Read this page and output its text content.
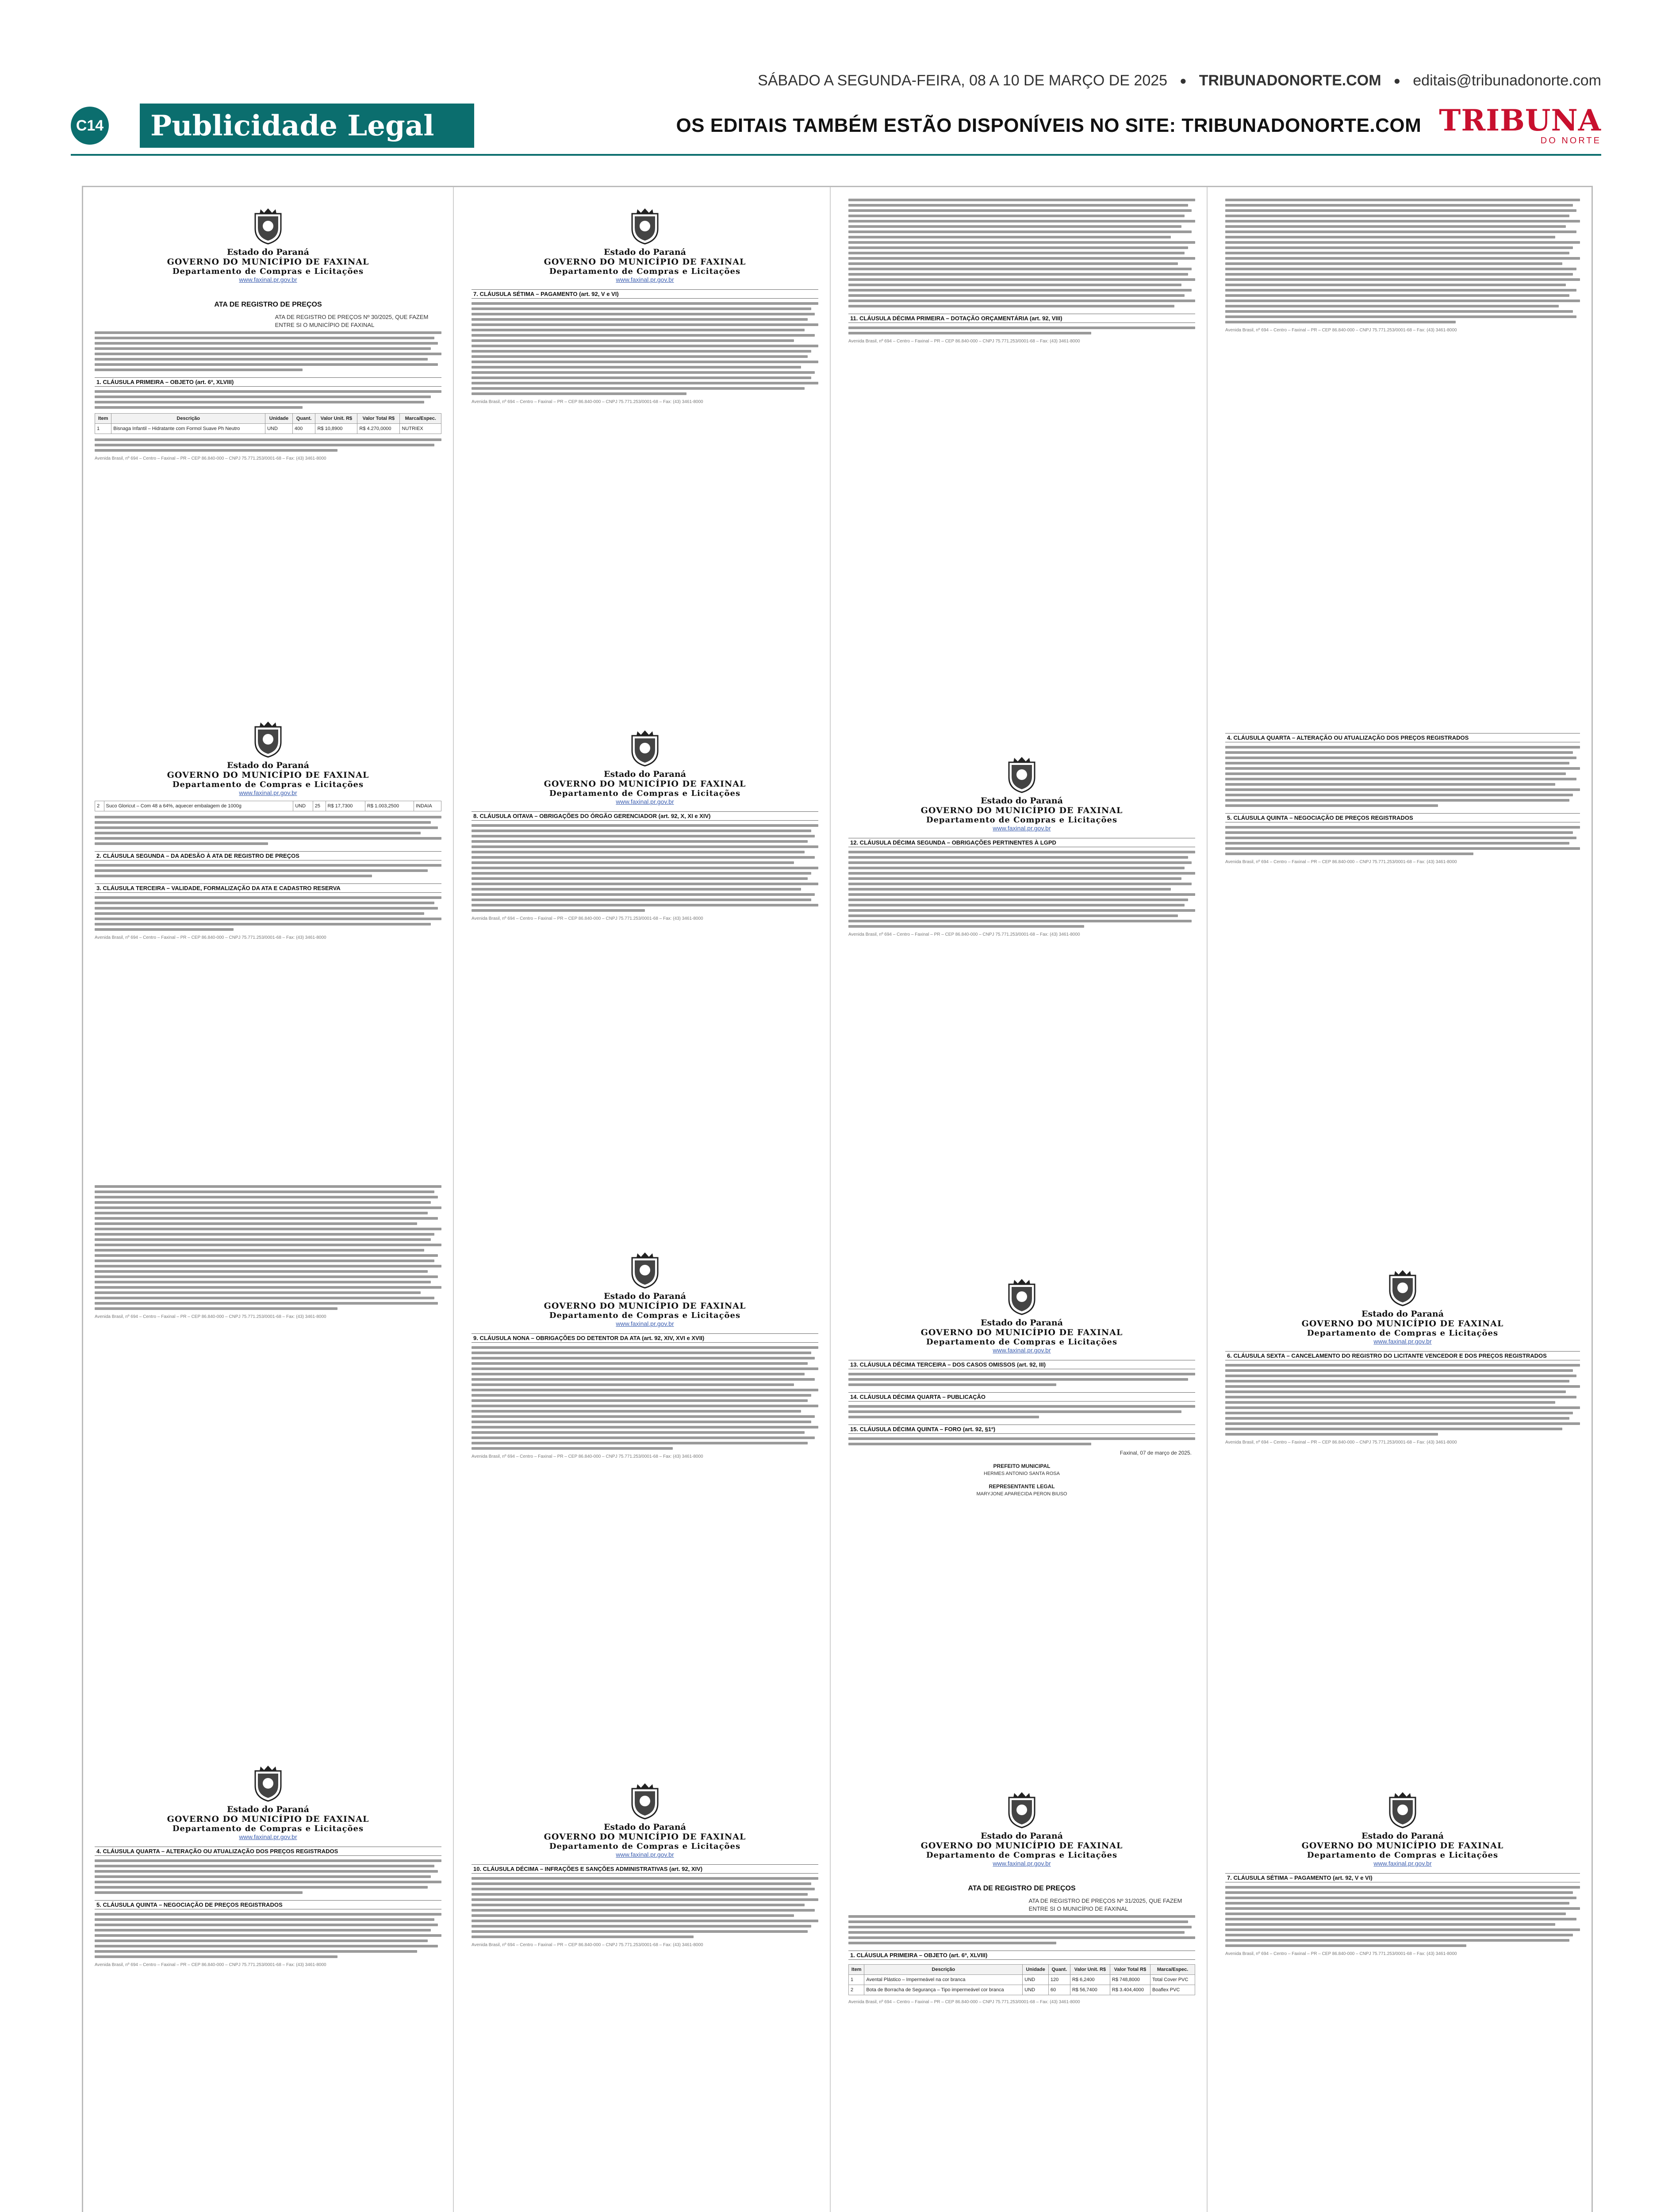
SÁBADO A SEGUNDA-FEIRA, 08 A 10 DE MARÇO DE 2025 ● TRIBUNADONORTE.COM ● editais@tribunadonorte.com
C14	Publicidade Legal	OS EDITAIS TAMBÉM ESTÃO DISPONÍVEIS NO SITE: TRIBUNADONORTE.COM TRIBUNA
DO NORTE
Estado do Paraná
GOVERNO DO MUNICÍPIO DE FAXINAL
Departamento de Compras e Licitações
www.faxinal.pr.gov.br
ATA DE REGISTRO DE PREÇOS
ATA DE REGISTRO DE PREÇOS Nº 30/2025, QUE FAZEM ENTRE SI O MUNICÍPIO DE FAXINAL
1. CLÁUSULA PRIMEIRA – OBJETO (art. 6º, XLVIII)
Item	Descrição	Unidade	Quant.	Valor Unit. R$	Valor Total R$	Marca/Espec.
1	Bisnaga Infantil – Hidratante com Formol Suave Ph Neutro	UND	400	R$ 10,8900	R$ 4.270,0000	NUTRIEX
Avenida Brasil, nº 694 – Centro – Faxinal – PR – CEP 86.840-000 – CNPJ 75.771.253/0001-68 – Fax: (43) 3461-8000
Estado do Paraná
GOVERNO DO MUNICÍPIO DE FAXINAL
Departamento de Compras e Licitações
www.faxinal.pr.gov.br
2	Suco Gloricut – Com 48 a 64%, aquecer embalagem de 1000g	UND	25	R$ 17,7300	R$ 1.003,2500	INDAIA
2. CLÁUSULA SEGUNDA – DA ADESÃO À ATA DE REGISTRO DE PREÇOS
3. CLÁUSULA TERCEIRA – VALIDADE, FORMALIZAÇÃO DA ATA E CADASTRO RESERVA
Avenida Brasil, nº 694 – Centro – Faxinal – PR – CEP 86.840-000 – CNPJ 75.771.253/0001-68 – Fax: (43) 3461-8000
Avenida Brasil, nº 694 – Centro – Faxinal – PR – CEP 86.840-000 – CNPJ 75.771.253/0001-68 – Fax: (43) 3461-8000
Estado do Paraná
GOVERNO DO MUNICÍPIO DE FAXINAL
Departamento de Compras e Licitações
www.faxinal.pr.gov.br
4. CLÁUSULA QUARTA – ALTERAÇÃO OU ATUALIZAÇÃO DOS PREÇOS REGISTRADOS
5. CLÁUSULA QUINTA – NEGOCIAÇÃO DE PREÇOS REGISTRADOS
Avenida Brasil, nº 694 – Centro – Faxinal – PR – CEP 86.840-000 – CNPJ 75.771.253/0001-68 – Fax: (43) 3461-8000
Estado do Paraná
GOVERNO DO MUNICÍPIO DE FAXINAL
Departamento de Compras e Licitações
www.faxinal.pr.gov.br
7. CLÁUSULA SÉTIMA – PAGAMENTO (art. 92, V e VI)
Avenida Brasil, nº 694 – Centro – Faxinal – PR – CEP 86.840-000 – CNPJ 75.771.253/0001-68 – Fax: (43) 3461-8000
Estado do Paraná
GOVERNO DO MUNICÍPIO DE FAXINAL
Departamento de Compras e Licitações
www.faxinal.pr.gov.br
8. CLÁUSULA OITAVA – OBRIGAÇÕES DO ÓRGÃO GERENCIADOR (art. 92, X, XI e XIV)
Avenida Brasil, nº 694 – Centro – Faxinal – PR – CEP 86.840-000 – CNPJ 75.771.253/0001-68 – Fax: (43) 3461-8000
Estado do Paraná
GOVERNO DO MUNICÍPIO DE FAXINAL
Departamento de Compras e Licitações
www.faxinal.pr.gov.br
9. CLÁUSULA NONA – OBRIGAÇÕES DO DETENTOR DA ATA (art. 92, XIV, XVI e XVII)
Avenida Brasil, nº 694 – Centro – Faxinal – PR – CEP 86.840-000 – CNPJ 75.771.253/0001-68 – Fax: (43) 3461-8000
Estado do Paraná
GOVERNO DO MUNICÍPIO DE FAXINAL
Departamento de Compras e Licitações
www.faxinal.pr.gov.br
10. CLÁUSULA DÉCIMA – INFRAÇÕES E SANÇÕES ADMINISTRATIVAS (art. 92, XIV)
Avenida Brasil, nº 694 – Centro – Faxinal – PR – CEP 86.840-000 – CNPJ 75.771.253/0001-68 – Fax: (43) 3461-8000
11. CLÁUSULA DÉCIMA PRIMEIRA – DOTAÇÃO ORÇAMENTÁRIA (art. 92, VIII)
Avenida Brasil, nº 694 – Centro – Faxinal – PR – CEP 86.840-000 – CNPJ 75.771.253/0001-68 – Fax: (43) 3461-8000
Estado do Paraná
GOVERNO DO MUNICÍPIO DE FAXINAL
Departamento de Compras e Licitações
www.faxinal.pr.gov.br
12. CLÁUSULA DÉCIMA SEGUNDA – OBRIGAÇÕES PERTINENTES À LGPD
Avenida Brasil, nº 694 – Centro – Faxinal – PR – CEP 86.840-000 – CNPJ 75.771.253/0001-68 – Fax: (43) 3461-8000
Estado do Paraná
GOVERNO DO MUNICÍPIO DE FAXINAL
Departamento de Compras e Licitações
www.faxinal.pr.gov.br
13. CLÁUSULA DÉCIMA TERCEIRA – DOS CASOS OMISSOS (art. 92, III)
14. CLÁUSULA DÉCIMA QUARTA – PUBLICAÇÃO
15. CLÁUSULA DÉCIMA QUINTA – FORO (art. 92, §1º)
Faxinal, 07 de março de 2025.
PREFEITO MUNICIPAL
HERMES ANTONIO SANTA ROSA
REPRESENTANTE LEGAL
MARYJONE APARECIDA PERON BIUSO
Estado do Paraná
GOVERNO DO MUNICÍPIO DE FAXINAL
Departamento de Compras e Licitações
www.faxinal.pr.gov.br
ATA DE REGISTRO DE PREÇOS
ATA DE REGISTRO DE PREÇOS Nº 31/2025, QUE FAZEM ENTRE SI O MUNICÍPIO DE FAXINAL
1. CLÁUSULA PRIMEIRA – OBJETO (art. 6º, XLVIII)
Item	Descrição	Unidade	Quant.	Valor Unit. R$	Valor Total R$	Marca/Espec.
1	Avental Plástico – Impermeável na cor branca	UND	120	R$ 6,2400	R$ 748,8000	Total Cover PVC
2	Bota de Borracha de Segurança – Tipo impermeável cor branca	UND	60	R$ 56,7400	R$ 3.404,4000	Boaflex PVC
Avenida Brasil, nº 694 – Centro – Faxinal – PR – CEP 86.840-000 – CNPJ 75.771.253/0001-68 – Fax: (43) 3461-8000
Avenida Brasil, nº 694 – Centro – Faxinal – PR – CEP 86.840-000 – CNPJ 75.771.253/0001-68 – Fax: (43) 3461-8000
4. CLÁUSULA QUARTA – ALTERAÇÃO OU ATUALIZAÇÃO DOS PREÇOS REGISTRADOS
5. CLÁUSULA QUINTA – NEGOCIAÇÃO DE PREÇOS REGISTRADOS
Avenida Brasil, nº 694 – Centro – Faxinal – PR – CEP 86.840-000 – CNPJ 75.771.253/0001-68 – Fax: (43) 3461-8000
Estado do Paraná
GOVERNO DO MUNICÍPIO DE FAXINAL
Departamento de Compras e Licitações
www.faxinal.pr.gov.br
6. CLÁUSULA SEXTA – CANCELAMENTO DO REGISTRO DO LICITANTE VENCEDOR E DOS PREÇOS REGISTRADOS
Avenida Brasil, nº 694 – Centro – Faxinal – PR – CEP 86.840-000 – CNPJ 75.771.253/0001-68 – Fax: (43) 3461-8000
Estado do Paraná
GOVERNO DO MUNICÍPIO DE FAXINAL
Departamento de Compras e Licitações
www.faxinal.pr.gov.br
7. CLÁUSULA SÉTIMA – PAGAMENTO (art. 92, V e VI)
Avenida Brasil, nº 694 – Centro – Faxinal – PR – CEP 86.840-000 – CNPJ 75.771.253/0001-68 – Fax: (43) 3461-8000
